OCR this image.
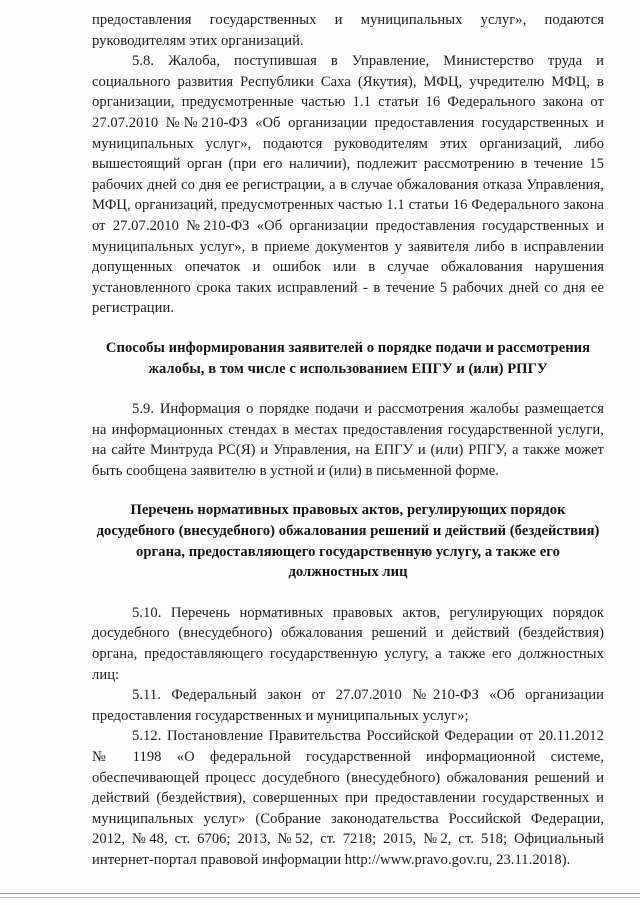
предоставления государственных и муниципальных услуг», подаются руководителям этих организаций.

5.8. Жалоба, поступившая в Управление, Министерство труда и социального развития Республики Саха (Якутия), МФЦ, учредителю МФЦ, в организации, предусмотренные частью 1.1 статьи 16 Федерального закона от 27.07.2010 №№210-ФЗ «Об организации предоставления государственных и муниципальных услуг», подаются руководителям этих организаций, либо вышестоящий орган (при его наличии), подлежит рассмотрению в течение 15 рабочих дней со дня ее регистрации, а в случае обжалования отказа Управления, МФЦ, организаций, предусмотренных частью 1.1 статьи 16 Федерального закона от 27.07.2010 №210-ФЗ «Об организации предоставления государственных и муниципальных услуг», в приеме документов у заявителя либо в исправлении допущенных опечаток и ошибок или в случае обжалования нарушения установленного срока таких исправлений - в течение 5 рабочих дней со дня ее регистрации.

Способы информирования заявителей о порядке подачи и рассмотрения жалобы, в том числе с использованием ЕПГУ и (или) РПГУ

5.9. Информация о порядке подачи и рассмотрения жалобы размещается на информационных стендах в местах предоставления государственной услуги, на сайте Минтруда РС(Я) и Управления, на ЕПГУ и (или) РПГУ, а также может быть сообщена заявителю в устной и (или) в письменной форме.

Перечень нормативных правовых актов, регулирующих порядок досудебного (внесудебного) обжалования решений и действий (бездействия) органа, предоставляющего государственную услугу, а также его должностных лиц

5.10. Перечень нормативных правовых актов, регулирующих порядок досудебного (внесудебного) обжалования решений и действий (бездействия) органа, предоставляющего государственную услугу, а также его должностных лиц:

5.11. Федеральный закон от 27.07.2010 №210-ФЗ «Об организации предоставления государственных и муниципальных услуг»;

5.12. Постановление Правительства Российской Федерации от 20.11.2012 № 1198 «О федеральной государственной информационной системе, обеспечивающей процесс досудебного (внесудебного) обжалования решений и действий (бездействия), совершенных при предоставлении государственных и муниципальных услуг» (Собрание законодательства Российской Федерации, 2012, №48, ст. 6706; 2013, №52, ст. 7218; 2015, №2, ст. 518; Официальный интернет-портал правовой информации http://www.pravo.gov.ru, 23.11.2018).
